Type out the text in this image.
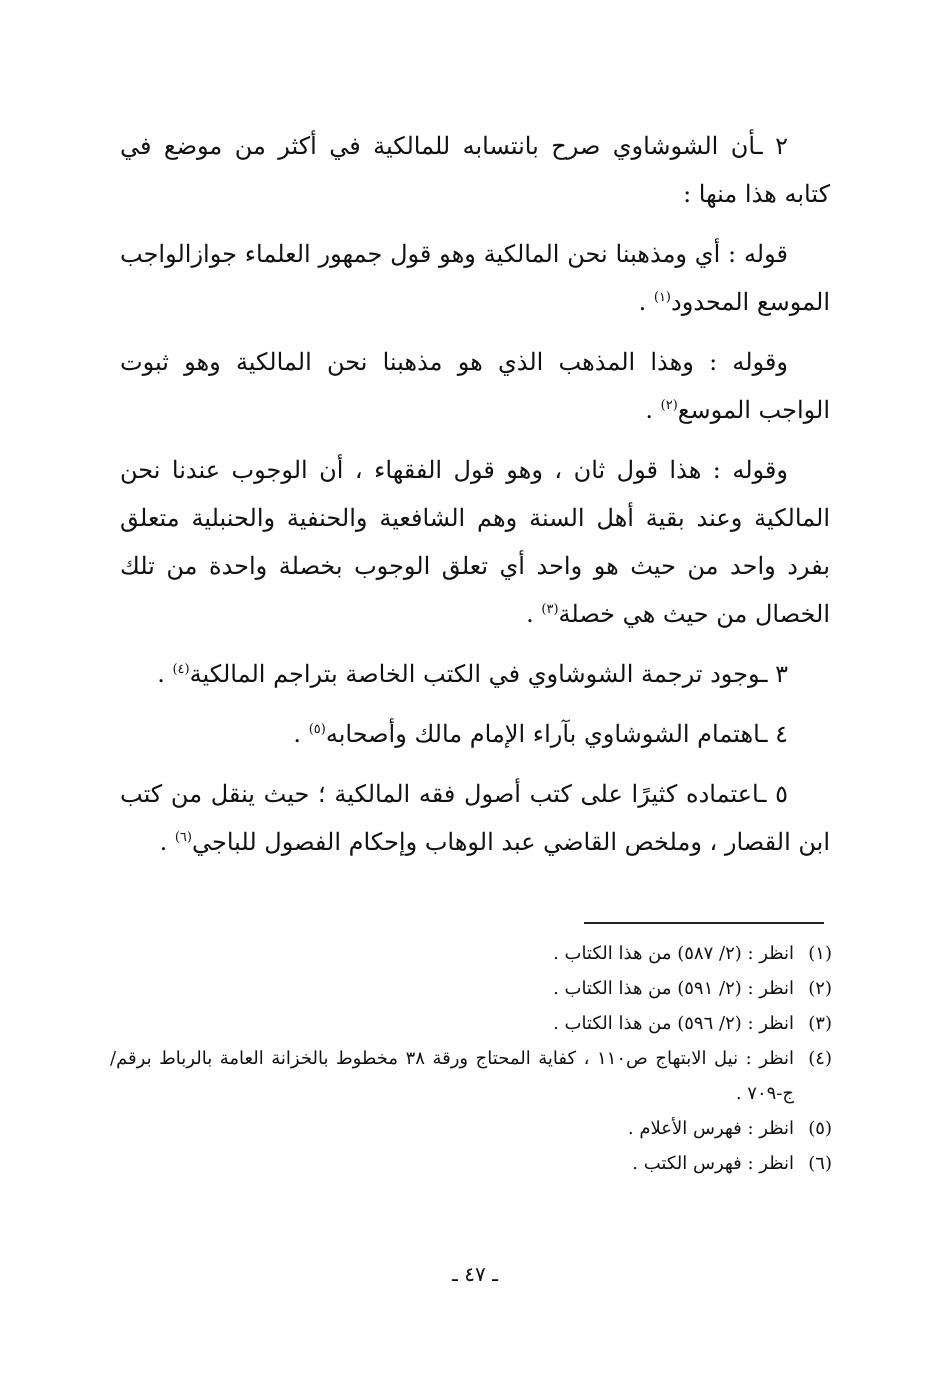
٢ ـأن الشوشاوي صرح بانتسابه للمالكية في أكثر من موضع في كتابه هذا منها :

قوله : أي ومذهبنا نحن المالكية وهو قول جمهور العلماء جوازالواجب الموسع المحدود$^{(١)}$ .

وقوله : وهذا المذهب الذي هو مذهبنا نحن المالكية وهو ثبوت الواجب الموسع$^{(٢)}$ .

وقوله : هذا قول ثان ، وهو قول الفقهاء ، أن الوجوب عندنا نحن المالكية وعند بقية أهل السنة وهم الشافعية والحنفية والحنبلية متعلق بفرد واحد من حيث هو واحد أي تعلق الوجوب بخصلة واحدة من تلك الخصال من حيث هي خصلة$^{(٣)}$ .

٣ ـوجود ترجمة الشوشاوي في الكتب الخاصة بتراجم المالكية$^{(٤)}$ .

٤ ـاهتمام الشوشاوي بآراء الإمام مالك وأصحابه$^{(٥)}$ .

٥ ـاعتماده كثيرًا على كتب أصول فقه المالكية ؛ حيث ينقل من كتب ابن القصار ، وملخص القاضي عبد الوهاب وإحكام الفصول للباجي$^{(٦)}$ .

(١)
انظر : (٢/ ٥٨٧) من هذا الكتاب .
(٢)
انظر : (٢/ ٥٩١) من هذا الكتاب .
(٣)
انظر : (٢/ ٥٩٦) من هذا الكتاب .
(٤)
انظر : نيل الابتهاج ص١١٠ ، كفاية المحتاج ورقة ٣٨ مخطوط بالخزانة العامة بالرباط برقم/ ج-٧٠٩ .
(٥)
انظر : فهرس الأعلام .
(٦)
انظر : فهرس الكتب .
ـ ٤٧ ـ
